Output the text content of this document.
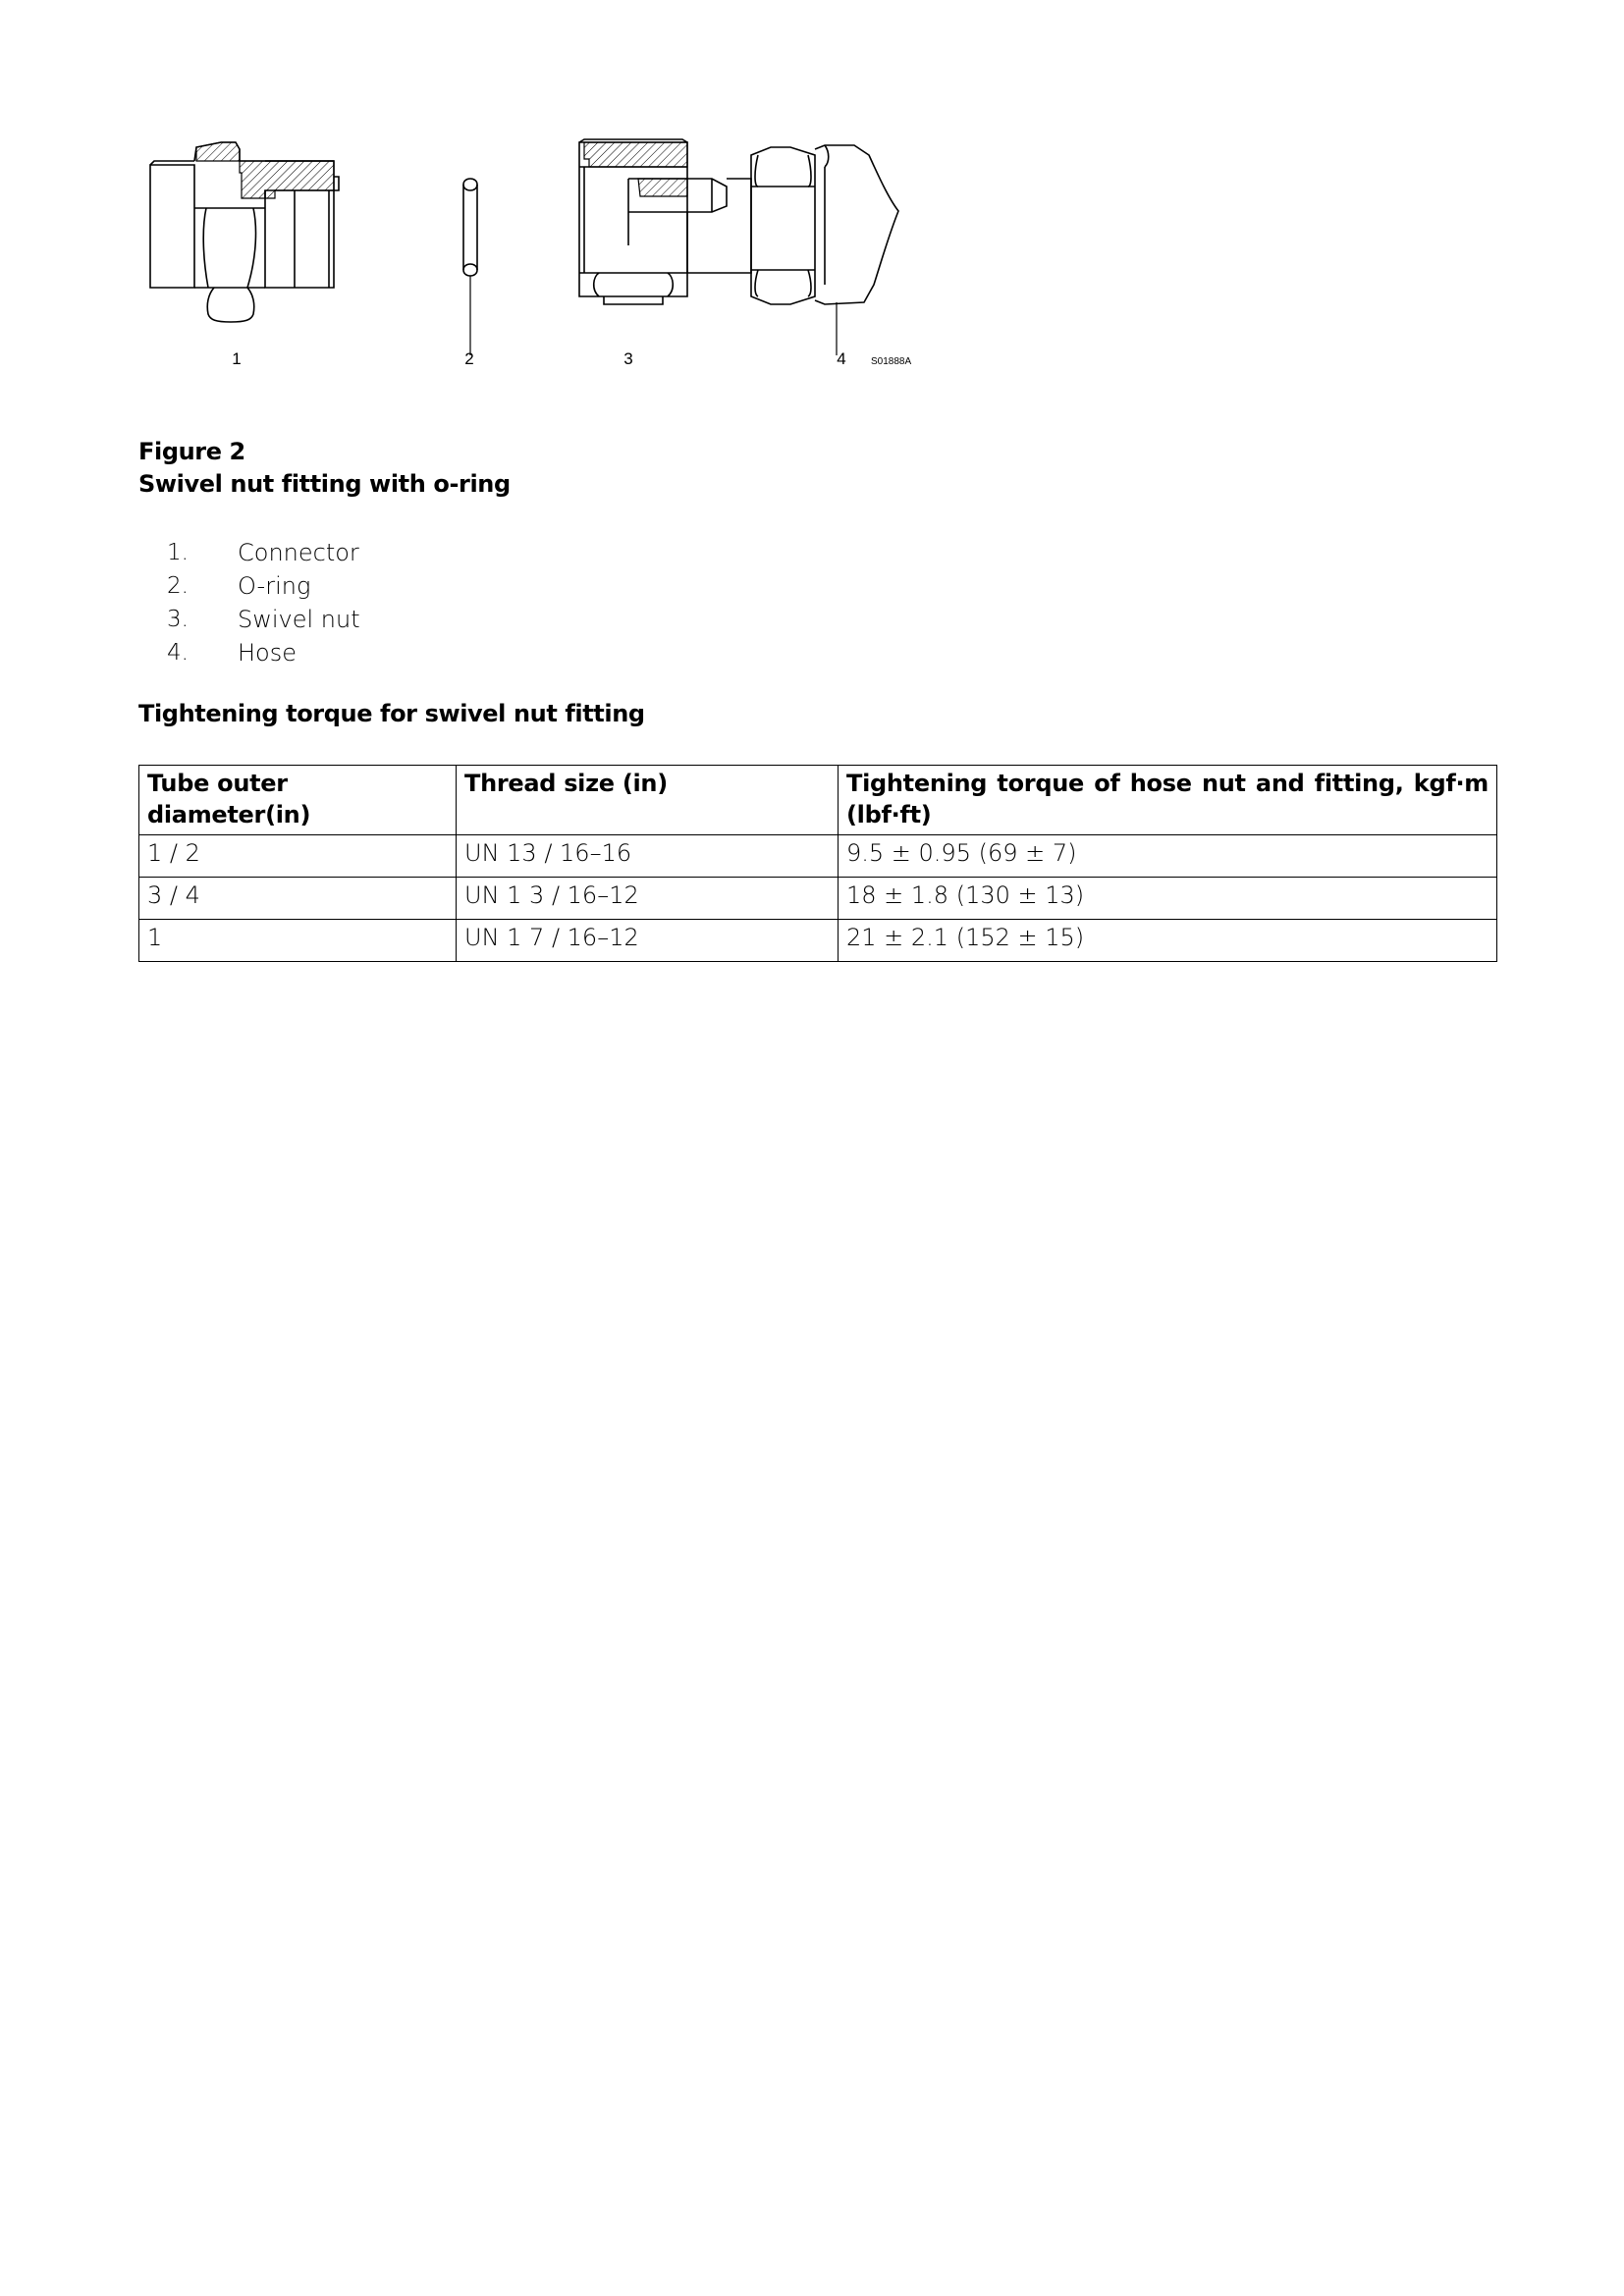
1	2	3	4	S01888A
Figure 2
Swivel nut fitting with o-ring
1.	Connector
2.	O-ring
3.	Swivel nut
4.	Hose
Tightening torque for swivel nut fitting
Tube outer diameter(in)	Thread size (in)	Tightening torque of hose nut and fitting, kgf·m (lbf·ft)
1 / 2	UN 13 / 16–16	9.5 ± 0.95 (69 ± 7)
3 / 4	UN 1 3 / 16–12	18 ± 1.8 (130 ± 13)
1	UN 1 7 / 16–12	21 ± 2.1 (152 ± 15)
